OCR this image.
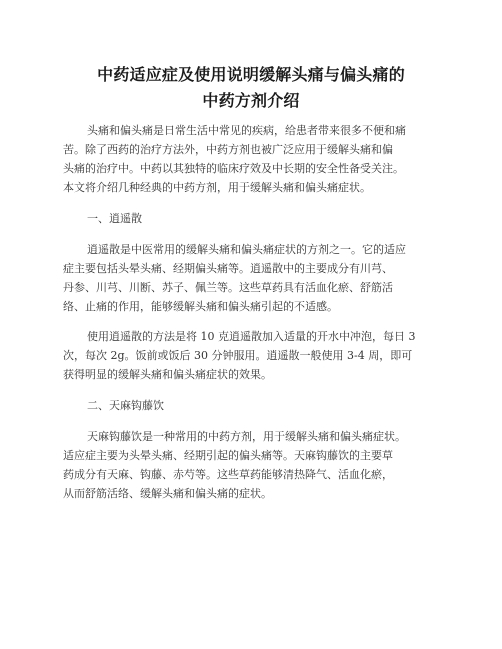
中药适应症及使用说明缓解头痛与偏头痛的
中药方剂介绍
头痛和偏头痛是日常生活中常见的疾病，给患者带来很多不便和痛
苦。除了西药的治疗方法外，中药方剂也被广泛应用于缓解头痛和偏
头痛的治疗中。中药以其独特的临床疗效及中长期的安全性备受关注。
本文将介绍几种经典的中药方剂，用于缓解头痛和偏头痛症状。
一、逍遥散
逍遥散是中医常用的缓解头痛和偏头痛症状的方剂之一。它的适应
症主要包括头晕头痛、经期偏头痛等。逍遥散中的主要成分有川芎、
丹参、川芎、川断、苏子、佩兰等。这些草药具有活血化瘀、舒筋活
络、止痛的作用，能够缓解头痛和偏头痛引起的不适感。
使用逍遥散的方法是将 10 克逍遥散加入适量的开水中冲泡，每日 3
次，每次 2g。饭前或饭后 30 分钟服用。逍遥散一般使用 3-4 周，即可
获得明显的缓解头痛和偏头痛症状的效果。
二、天麻钩藤饮
天麻钩藤饮是一种常用的中药方剂，用于缓解头痛和偏头痛症状。
适应症主要为头晕头痛、经期引起的偏头痛等。天麻钩藤饮的主要草
药成分有天麻、钩藤、赤芍等。这些草药能够清热降气、活血化瘀，
从而舒筋活络、缓解头痛和偏头痛的症状。
